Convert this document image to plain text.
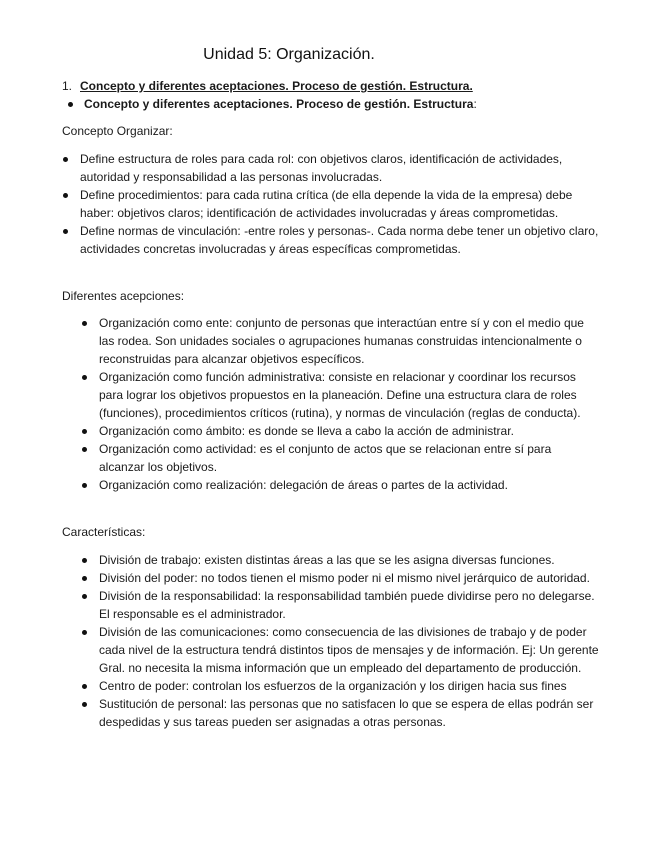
Unidad 5: Organización.
1. Concepto y diferentes aceptaciones. Proceso de gestión. Estructura.
Concepto y diferentes aceptaciones. Proceso de gestión. Estructura:
Concepto Organizar:
Define estructura de roles para cada rol: con objetivos claros, identificación de actividades, autoridad y responsabilidad a las personas involucradas.
Define procedimientos: para cada rutina crítica (de ella depende la vida de la empresa) debe haber: objetivos claros; identificación de actividades involucradas y áreas comprometidas.
Define normas de vinculación: -entre roles y personas-. Cada norma debe tener un objetivo claro, actividades concretas involucradas y áreas específicas comprometidas.
Diferentes acepciones:
Organización como ente: conjunto de personas que interactúan entre sí y con el medio que las rodea. Son unidades sociales o agrupaciones humanas construidas intencionalmente o reconstruidas para alcanzar objetivos específicos.
Organización como función administrativa: consiste en relacionar y coordinar los recursos para lograr los objetivos propuestos en la planeación. Define una estructura clara de roles (funciones), procedimientos críticos (rutina), y normas de vinculación (reglas de conducta).
Organización como ámbito: es donde se lleva a cabo la acción de administrar.
Organización como actividad: es el conjunto de actos que se relacionan entre sí para alcanzar los objetivos.
Organización como realización: delegación de áreas o partes de la actividad.
Características:
División de trabajo: existen distintas áreas a las que se les asigna diversas funciones.
División del poder: no todos tienen el mismo poder ni el mismo nivel jerárquico de autoridad.
División de la responsabilidad: la responsabilidad también puede dividirse pero no delegarse. El responsable es el administrador.
División de las comunicaciones: como consecuencia de las divisiones de trabajo y de poder cada nivel de la estructura tendrá distintos tipos de mensajes y de información. Ej: Un gerente Gral. no necesita la misma información que un empleado del departamento de producción.
Centro de poder: controlan los esfuerzos de la organización y los dirigen hacia sus fines
Sustitución de personal: las personas que no satisfacen lo que se espera de ellas podrán ser despedidas y sus tareas pueden ser asignadas a otras personas.
